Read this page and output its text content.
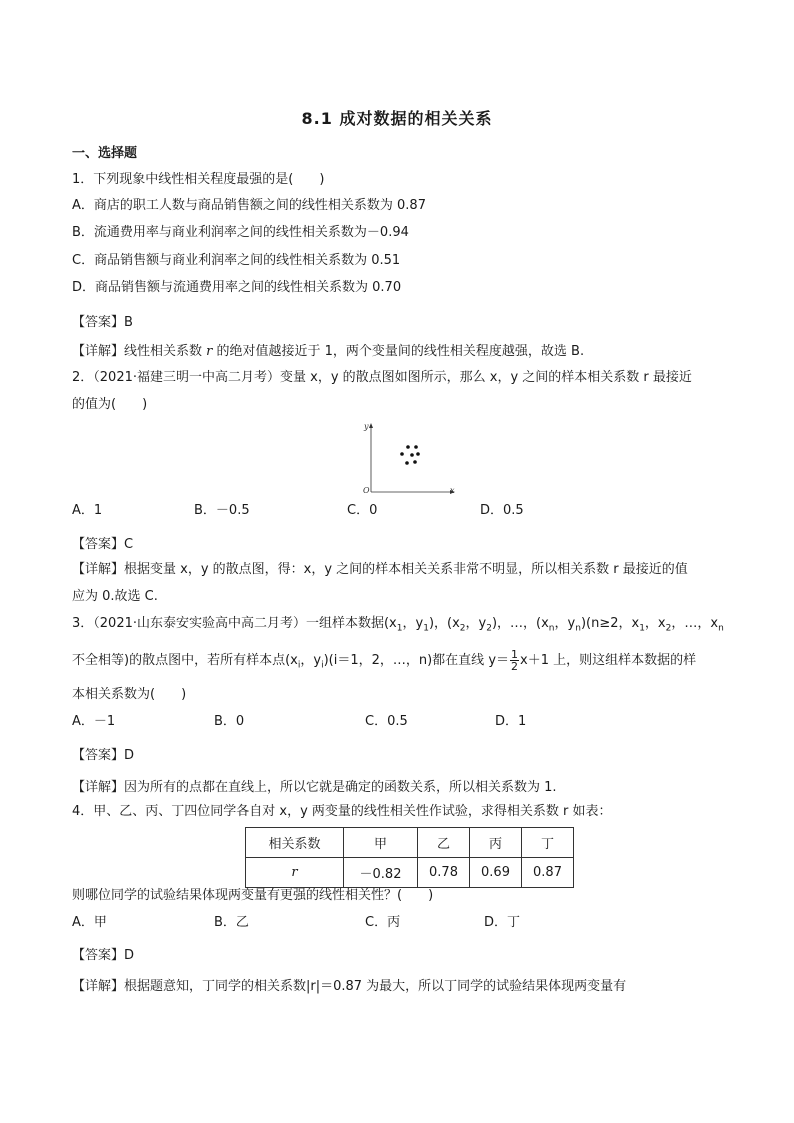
8.1 成对数据的相关关系
一、选择题
1．下列现象中线性相关程度最强的是(　　)
A．商店的职工人数与商品销售额之间的线性相关系数为 0.87
B．流通费用率与商业利润率之间的线性相关系数为－0.94
C．商品销售额与商业利润率之间的线性相关系数为 0.51
D．商品销售额与流通费用率之间的线性相关系数为 0.70
【答案】B
【详解】线性相关系数 r 的绝对值越接近于 1，两个变量间的线性相关程度越强，故选 B.
2．（2021·福建三明一中高二月考）变量 x，y 的散点图如图所示，那么 x，y 之间的样本相关系数 r 最接近
的值为(　　)
y
x
O
A．1	B．－0.5	C．0	D．0.5
【答案】C
【详解】根据变量 x，y 的散点图，得：x，y 之间的样本相关关系非常不明显，所以相关系数 r 最接近的值
应为 0.故选 C.
3．（2021·山东泰安实验高中高二月考）一组样本数据($x_1$，$y_1$)，($x_2$，$y_2$)，…，($x_n$，$y_n)(n\ge 2$，$x_1$，$x_2$，…，$x_n$
不全相等)的散点图中，若所有样本点($x_i$，$y_i)(i=1$，2，…，n)都在直线 $y= \frac{1}{2} x+1$ 上，则这组样本数据的样
本相关系数为(　　)
A．－1	B．0	C．0.5	D．1
【答案】D
【详解】因为所有的点都在直线上，所以它就是确定的函数关系，所以相关系数为 1.
4．甲、乙、丙、丁四位同学各自对 x，y 两变量的线性相关性作试验，求得相关系数 r 如表：
相关系数	甲	乙	丙	丁
r	－0.82	0.78	0.69	0.87
则哪位同学的试验结果体现两变量有更强的线性相关性？(　　)
A．甲	B．乙	C．丙	D．丁
【答案】D
【详解】根据题意知，丁同学的相关系数|r|＝0.87 为最大，所以丁同学的试验结果体现两变量有
